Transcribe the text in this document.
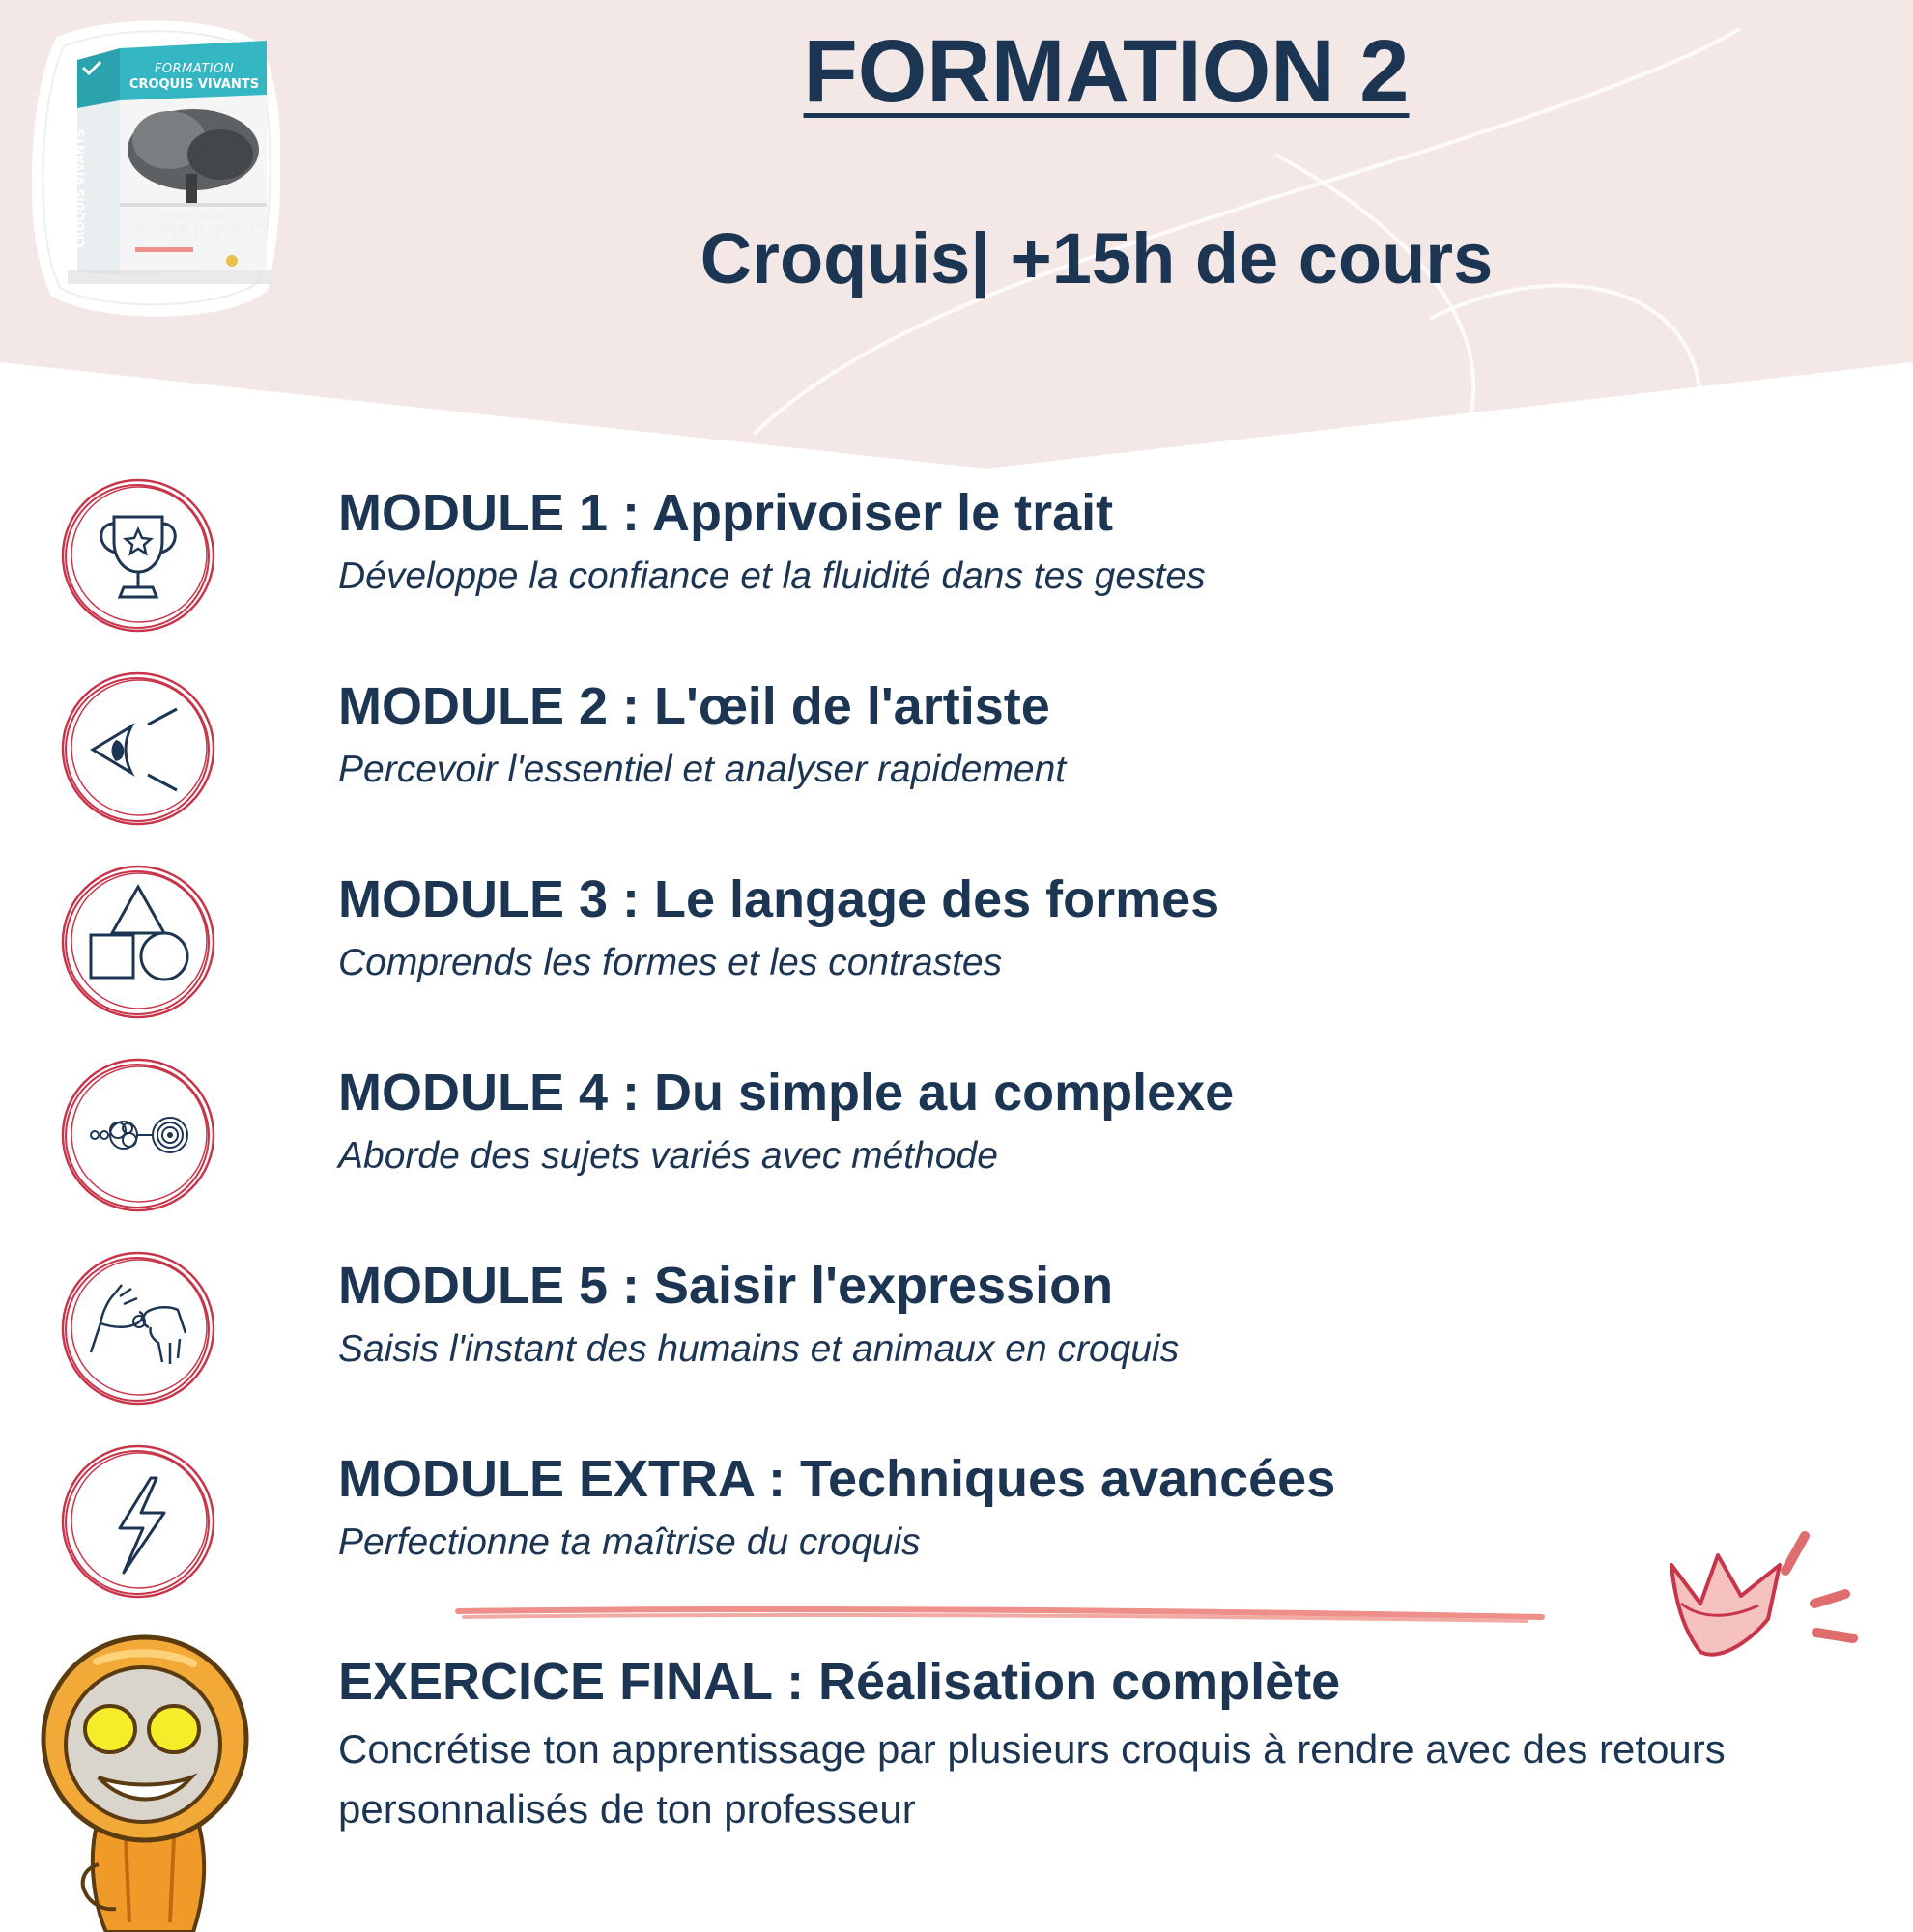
FORMATION
CROQUIS VIVANTS
CROQUIS VIVANTS	SAVOIR CROQUER RAPIDEMENT ET TRAVAILLER SON STYLE
FORMATION 2
Croquis| +15h de cours
MODULE 1 : Apprivoiser le trait
Développe la confiance et la fluidité dans tes gestes
MODULE 2 : L'œil de l'artiste
Percevoir l'essentiel et analyser rapidement
MODULE 3 : Le langage des formes
Comprends les formes et les contrastes
MODULE 4 : Du simple au complexe
Aborde des sujets variés avec méthode
MODULE 5 : Saisir l'expression
Saisis l'instant des humains et animaux en croquis
MODULE EXTRA : Techniques avancées
Perfectionne ta maîtrise du croquis
EXERCICE FINAL : Réalisation complète
Concrétise ton apprentissage par plusieurs croquis à rendre avec des retours personnalisés de ton professeur
